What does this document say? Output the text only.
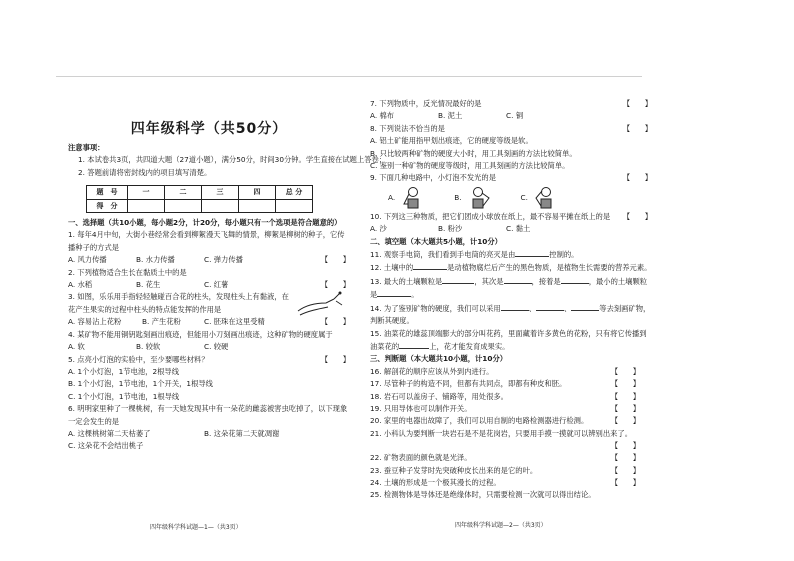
四年级科学（共50分）
注意事项：
1. 本试卷共3页，共四道大题（27道小题），满分50分，时间30分钟。学生直接在试题上答卷；
2. 答题前请将密封线内的项目填写清楚。
题　号	一	二	三	四	总 分
得　分					
一、选择题（共10小题，每小题2分，计20分，每小题只有一个选项是符合题意的）
1. 每年4月中旬，大街小巷经常会看到柳絮漫天飞舞的情景，柳絮是柳树的种子，它传播种子的方式是
A. 风力传播	B. 水力传播	C. 弹力传播	【　　】
2. 下列植物适合生长在黏质土中的是
A. 水稻	B. 花生	C. 红薯	【　　】
3. 如图，乐乐用手指轻轻触碰百合花的柱头，发现柱头上有黏液，在花产生果实的过程中柱头的特点能发挥的作用是
A. 容易沾上花粉	B. 产生花粉	C. 胚珠在这里受精	【　　】
4. 某矿物不能用铜钥匙刻画出痕迹，但能用小刀刻画出痕迹，这种矿物的硬度属于
A. 软	B. 较软	C. 较硬
5. 点亮小灯泡的实验中，至少要哪些材料？	【　　】
A. 1个小灯泡，1节电池，2根导线
B. 1个小灯泡，1节电池，1个开关，1根导线
C. 1个小灯泡，1节电池，1根导线
6. 明明家里种了一棵桃树，有一天她发现其中有一朵花的雌蕊被害虫吃掉了，以下现象一定会发生的是
A. 这棵桃树第二天枯萎了	B. 这朵花第二天就凋谢
C. 这朵花不会结出桃子
四年级科学科试题—1—（共3页）
7. 下列物质中，反光情况最好的是	【　　】
A. 棉布	B. 泥土	C. 铜
8. 下列说法不恰当的是	【　　】
A. 铝土矿能用指甲划出痕迹，它的硬度等级是软。
B. 只比较两种矿物的硬度大小时，用工具刻画的方法比较简单。
C. 鉴别一种矿物的硬度等级时，用工具刻画的方法比较简单。
9. 下面几种电路中，小灯泡不发光的是	【　　】
A.	B.	C.
10. 下列这三种物质，把它们团成小球放在纸上，最不容易平摊在纸上的是 【　　】
A. 沙	B. 粉沙	C. 黏土
二、填空题（本大题共5小题，计10分）
11. 观察手电筒，我们看到手电筒的亮灭是由	控制的。
12. 土壤中的	是动植物腐烂后产生的黑色物质，是植物生长需要的营养元素。
13. 最大的土壤颗粒是	，其次是	，接着是	，最小的土壤颗粒是	。
14. 为了鉴别矿物的硬度，我们可以采用	、	、	等去刻画矿物，判断其硬度。
15. 油菜花的雄蕊顶端膨大的部分叫花药，里面藏着许多黄色的花粉，只有将它传播到油菜花的	上，花才能发育成果实。
三、判断题（本大题共10小题，计10分）
16. 解剖花的顺序应该从外到内进行。	【　　】
17. 尽管种子的构造不同，但都有共同点，即都有种皮和胚。	【　　】
18. 岩石可以盖房子、铺路等，用处很多。	【　　】
19. 只用导体也可以制作开关。	【　　】
20. 家里的电器出故障了，我们可以用自制的电路检测器进行检测。	【　　】
21. 小科认为要判断一块岩石是不是花岗岩，只要用手摸一摸就可以辨别出来了。
【　　】
22. 矿物表面的颜色就是光泽。	【　　】
23. 蚕豆种子发芽时先突破种皮长出来的是它的叶。	【　　】
24. 土壤的形成是一个极其漫长的过程。	【　　】
25. 检测物体是导体还是绝缘体时，只需要检测一次就可以得出结论。
四年级科学科试题—2—（共3页）
